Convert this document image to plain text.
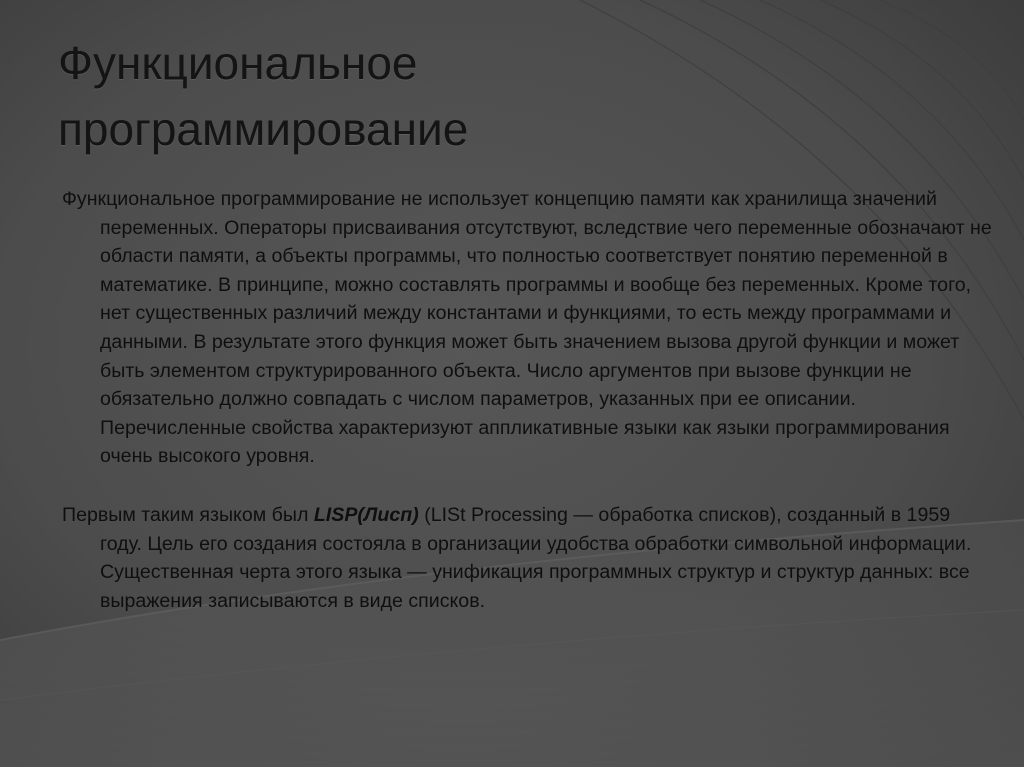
Функциональное
программирование

Функциональное программирование не использует концепцию памяти как хранилища значений переменных. Операторы присваивания отсутствуют, вследствие чего переменные обозначают не области памяти, а объекты программы, что полностью соответствует понятию переменной в математике. В принципе, можно составлять программы и вообще без переменных. Кроме того, нет существенных различий между константами и функциями, то есть между программами и данными. В результате этого функция может быть значением вызова другой функции и может быть элементом структурированного объекта. Число аргументов при вызове функции не обязательно должно совпадать с числом параметров, указанных при ее описании. Перечисленные свойства характеризуют аппликативные языки как языки программирования очень высокого уровня.

Первым таким языком был LISP(Лисп) (LISt Processing — обработка списков), созданный в 1959 году. Цель его создания состояла в организации удобства обработки символьной информации. Существенная черта этого языка — унификация программных структур и структур данных: все выражения записываются в виде списков.
